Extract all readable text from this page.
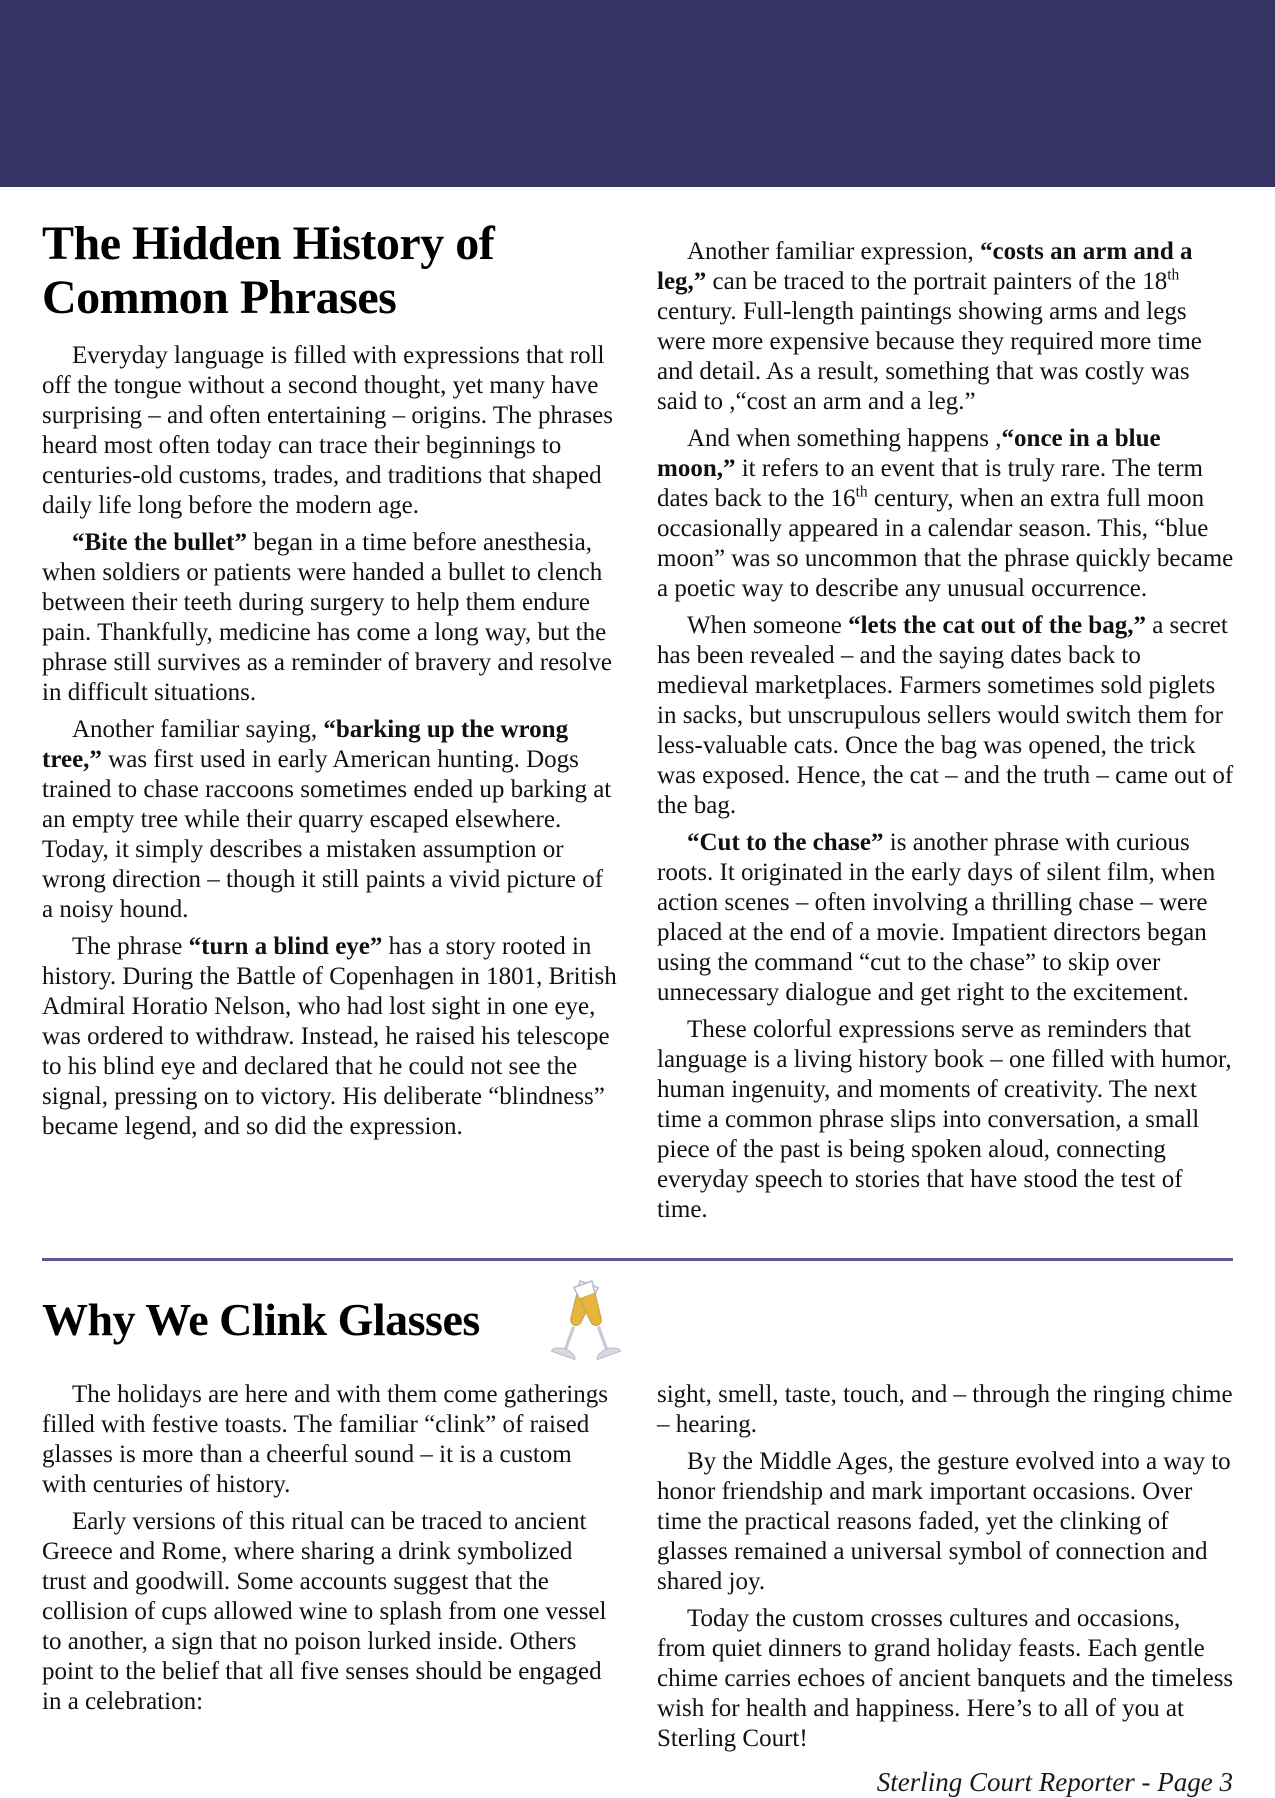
The Hidden History of Common Phrases

Everyday language is filled with expressions that roll off the tongue without a second thought, yet many have surprising – and often entertaining – origins. The phrases heard most often today can trace their beginnings to centuries-old customs, trades, and traditions that shaped daily life long before the modern age.

“Bite the bullet” began in a time before anesthesia, when soldiers or patients were handed a bullet to clench between their teeth during surgery to help them endure pain. Thankfully, medicine has come a long way, but the phrase still survives as a reminder of bravery and resolve in difficult situations.

Another familiar saying, “barking up the wrong tree,” was first used in early American hunting. Dogs trained to chase raccoons sometimes ended up barking at an empty tree while their quarry escaped elsewhere. Today, it simply describes a mistaken assumption or wrong direction – though it still paints a vivid picture of a noisy hound.

The phrase “turn a blind eye” has a story rooted in history. During the Battle of Copenhagen in 1801, British Admiral Horatio Nelson, who had lost sight in one eye, was ordered to withdraw. Instead, he raised his telescope to his blind eye and declared that he could not see the signal, pressing on to victory. His deliberate “blindness” became legend, and so did the expression.

Another familiar expression, “costs an arm and a leg,” can be traced to the portrait painters of the 18th century. Full-length paintings showing arms and legs were more expensive because they required more time and detail. As a result, something that was costly was said to ,“cost an arm and a leg.”

And when something happens ,“once in a blue moon,” it refers to an event that is truly rare. The term dates back to the 16th century, when an extra full moon occasionally appeared in a calendar season. This, “blue moon” was so uncommon that the phrase quickly became a poetic way to describe any unusual occurrence.

When someone “lets the cat out of the bag,” a secret has been revealed – and the saying dates back to medieval marketplaces. Farmers sometimes sold piglets in sacks, but unscrupulous sellers would switch them for less-valuable cats. Once the bag was opened, the trick was exposed. Hence, the cat – and the truth – came out of the bag.

“Cut to the chase” is another phrase with curious roots. It originated in the early days of silent film, when action scenes – often involving a thrilling chase – were placed at the end of a movie. Impatient directors began using the command “cut to the chase” to skip over unnecessary dialogue and get right to the excitement.

These colorful expressions serve as reminders that language is a living history book – one filled with humor, human ingenuity, and moments of creativity. The next time a common phrase slips into conversation, a small piece of the past is being spoken aloud, connecting everyday speech to stories that have stood the test of time.

Why We Clink Glasses

The holidays are here and with them come gatherings filled with festive toasts. The familiar “clink” of raised glasses is more than a cheerful sound – it is a custom with centuries of history.

Early versions of this ritual can be traced to ancient Greece and Rome, where sharing a drink symbolized trust and goodwill. Some accounts suggest that the collision of cups allowed wine to splash from one vessel to another, a sign that no poison lurked inside. Others point to the belief that all five senses should be engaged in a celebration:

sight, smell, taste, touch, and – through the ringing chime – hearing.

By the Middle Ages, the gesture evolved into a way to honor friendship and mark important occasions. Over time the practical reasons faded, yet the clinking of glasses remained a universal symbol of connection and shared joy.

Today the custom crosses cultures and occasions, from quiet dinners to grand holiday feasts. Each gentle chime carries echoes of ancient banquets and the timeless wish for health and happiness. Here’s to all of you at Sterling Court!

Sterling Court Reporter - Page 3
